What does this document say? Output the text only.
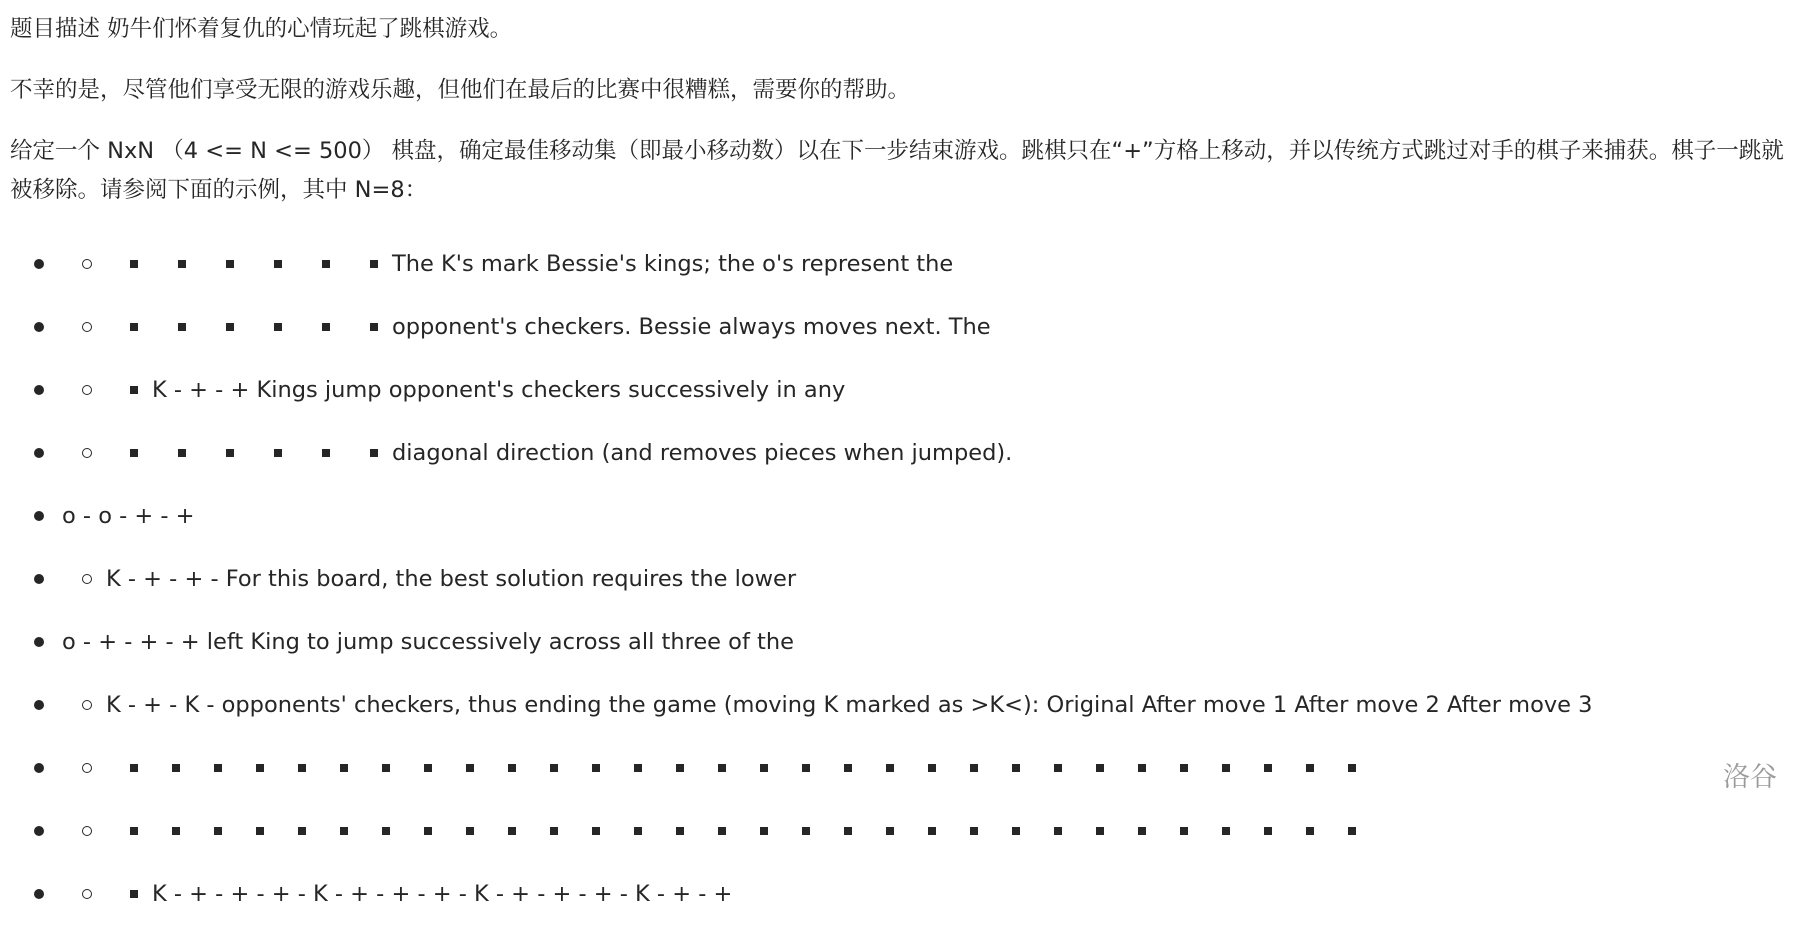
题目描述 奶牛们怀着复仇的心情玩起了跳棋游戏。

不幸的是，尽管他们享受无限的游戏乐趣，但他们在最后的比赛中很糟糕，需要你的帮助。

给定一个 NxN （4 <= N <= 500） 棋盘，确定最佳移动集（即最小移动数）以在下一步结束游戏。跳棋只在“+”方格上移动，并以传统方式跳过对手的棋子来捕获。棋子一跳就被移除。请参阅下面的示例，其中 N=8：

The K's mark Bessie's kings; the o's represent the
opponent's checkers. Bessie always moves next. The
K - + - + Kings jump opponent's checkers successively in any
diagonal direction (and removes pieces when jumped).
o - o - + - +
K - + - + - For this board, the best solution requires the lower
o - + - + - + left King to jump successively across all three of the
K - + - K - opponents' checkers, thus ending the game (moving K marked as >K<): Original After move 1 After move 2 After move 3
K - + - + - + - K - + - + - + - K - + - + - + - K - + - +
洛谷
